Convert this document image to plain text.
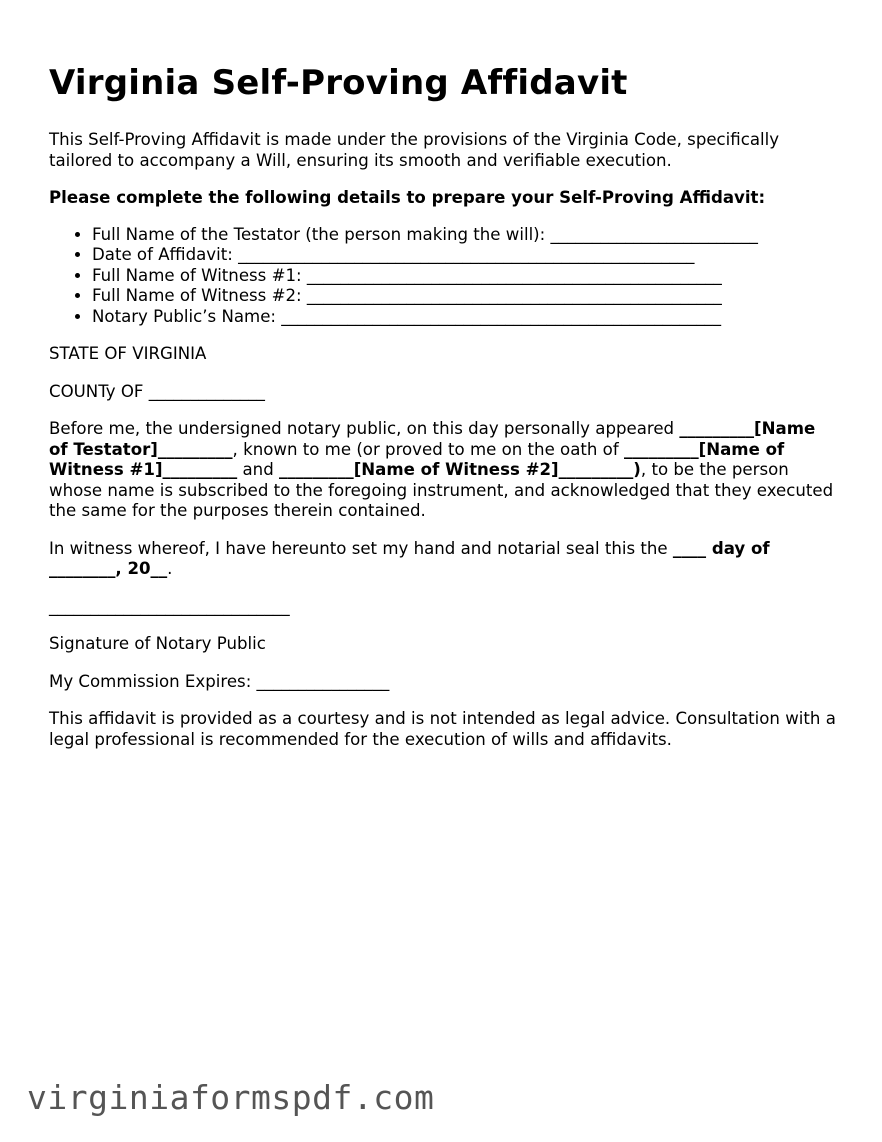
Virginia Self-Proving Affidavit

This Self-Proving Affidavit is made under the provisions of the Virginia Code, specifically tailored to accompany a Will, ensuring its smooth and verifiable execution.

Please complete the following details to prepare your Self-Proving Affidavit:

• Full Name of the Testator (the person making the will): _________________________
• Date of Affidavit: _______________________________________________________
• Full Name of Witness #1: __________________________________________________
• Full Name of Witness #2: __________________________________________________
• Notary Public’s Name: _____________________________________________________

STATE OF VIRGINIA

COUNTy OF ______________

Before me, the undersigned notary public, on this day personally appeared _________[Name of Testator]_________, known to me (or proved to me on the oath of _________[Name of Witness #1]_________ and _________[Name of Witness #2]_________), to be the person whose name is subscribed to the foregoing instrument, and acknowledged that they executed the same for the purposes therein contained.

In witness whereof, I have hereunto set my hand and notarial seal this the ____ day of ________, 20__.

_____________________________

Signature of Notary Public

My Commission Expires: ________________

This affidavit is provided as a courtesy and is not intended as legal advice. Consultation with a legal professional is recommended for the execution of wills and affidavits.

virginiaformspdf.com
